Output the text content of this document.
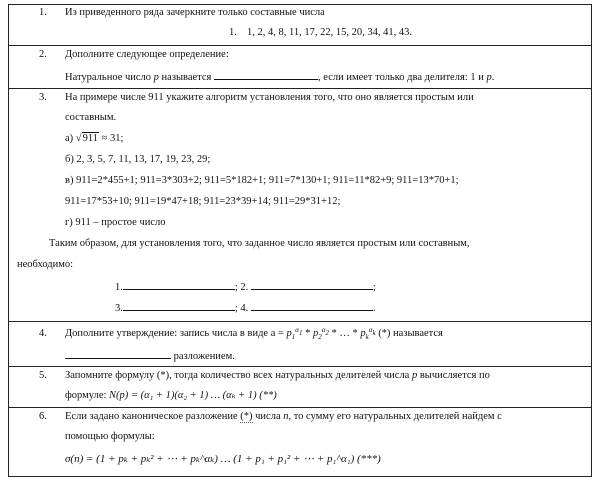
1. Из приведенного ряда зачеркните только составные числа
1. 1, 2, 4, 8, 11, 17, 22, 15, 20, 34, 41, 43.

2. Дополните следующее определение:
Натуральное число p называется	, если имеет только два делителя: 1 и p.

3. На примере числе 911 укажите алгоритм установления того, что оно является простым или
составным.
а) √911 ≈ 31;
б) 2, 3, 5, 7, 11, 13, 17, 19, 23, 29;
в) 911=2*455+1; 911=3*303+2; 911=5*182+1; 911=7*130+1; 911=11*82+9; 911=13*70+1;
911=17*53+10; 911=19*47+18; 911=23*39+14; 911=29*31+12;
г) 911 – простое число
Таким образом, для установления того, что заданное число является простым или составным,
необходимо:
1.	; 2.	;
3.	; 4.	.

4. Дополните утверждение: запись числа в виде $a = p_1^{\alpha_1} * p_2^{\alpha_2}$ * … * $p_k^{\alpha_k}$ (*) называется
разложением.

5. Запомните формулу (*), тогда количество всех натуральных делителей числа p вычисляется по
формуле: N(p) = (α₁ + 1)(α₂ + 1) … (αₖ + 1) (**)

6. Если задано каноническое разложение (*) числа n, то сумму его натуральных делителей найдем с
помощью формулы:
σ(n) = (1 + pₖ + pₖ² + ⋯ + pₖ^αₖ) … (1 + p₁ + p₁² + ⋯ + p₁^α₁) (***)
